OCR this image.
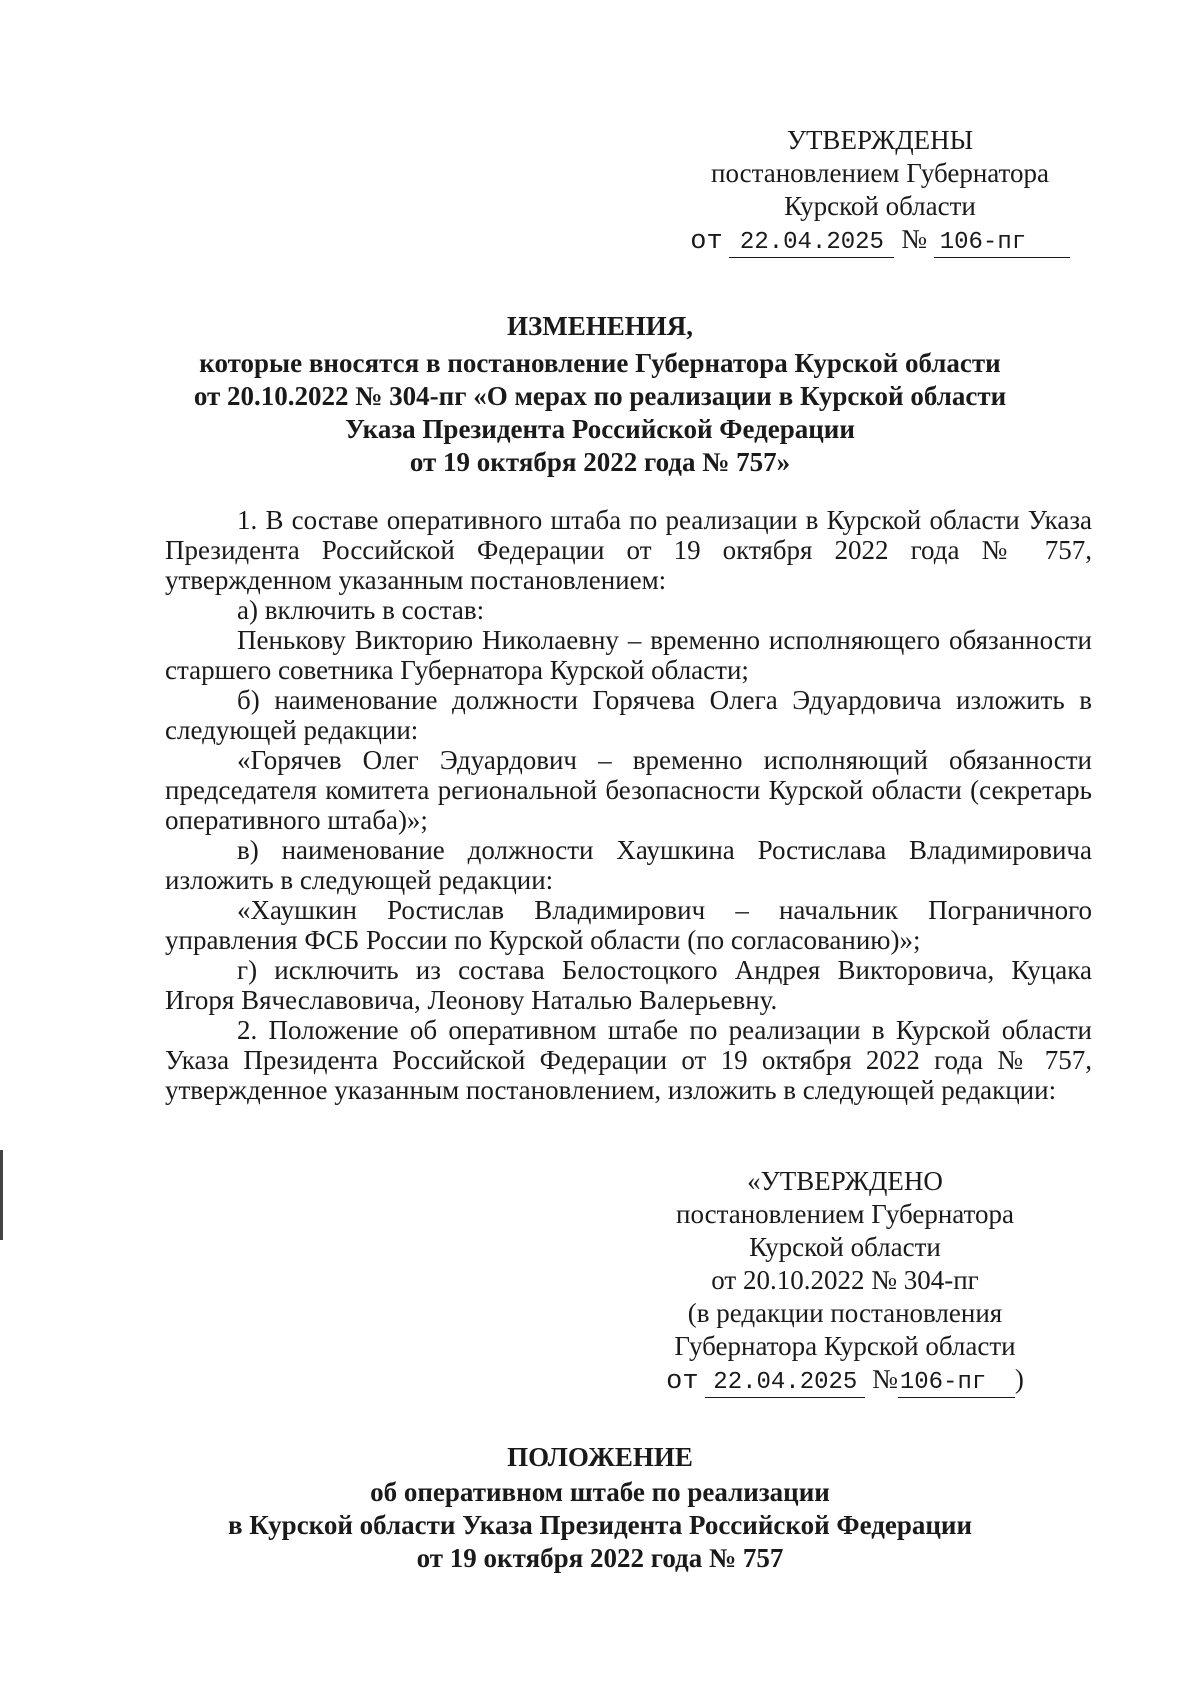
УТВЕРЖДЕНЫ
постановлением Губернатора
Курской области
от 22.04.2025 № 106-пг
ИЗМЕНЕНИЯ,
которые вносятся в постановление Губернатора Курской области
от 20.10.2022 № 304-пг «О мерах по реализации в Курской области
Указа Президента Российской Федерации
от 19 октября 2022 года № 757»

1. В составе оперативного штаба по реализации в Курской области Указа Президента Российской Федерации от 19 октября 2022 года № 757, утвержденном указанным постановлением:

а) включить в состав:

Пенькову Викторию Николаевну – временно исполняющего обязанности старшего советника Губернатора Курской области;

б) наименование должности Горячева Олега Эдуардовича изложить в следующей редакции:

«Горячев Олег Эдуардович – временно исполняющий обязанности председателя комитета региональной безопасности Курской области (секретарь оперативного штаба)»;

в) наименование должности Хаушкина Ростислава Владимировича изложить в следующей редакции:

«Хаушкин Ростислав Владимирович – начальник Пограничного управления ФСБ России по Курской области (по согласованию)»;

г) исключить из состава Белостоцкого Андрея Викторовича, Куцака Игоря Вячеславовича, Леонову Наталью Валерьевну.

2. Положение об оперативном штабе по реализации в Курской области Указа Президента Российской Федерации от 19 октября 2022 года № 757, утвержденное указанным постановлением, изложить в следующей редакции:

«УТВЕРЖДЕНО
постановлением Губернатора
Курской области
от 20.10.2022 № 304-пг
(в редакции постановления
Губернатора Курской области
от 22.04.2025 №106-пг )
ПОЛОЖЕНИЕ
об оперативном штабе по реализации
в Курской области Указа Президента Российской Федерации
от 19 октября 2022 года № 757
